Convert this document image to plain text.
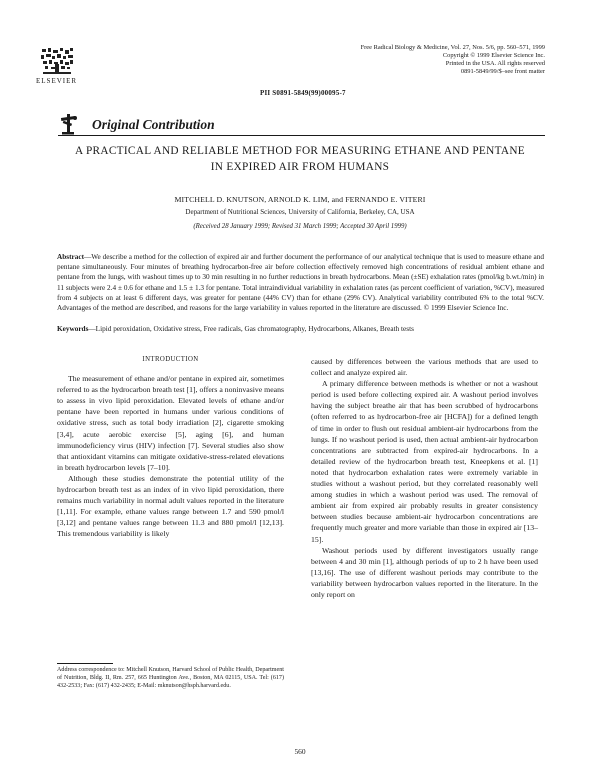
ELSEVIER
Free Radical Biology & Medicine, Vol. 27, Nos. 5/6, pp. 560–571, 1999
Copyright © 1999 Elsevier Science Inc.
Printed in the USA. All rights reserved
0891-5849/99/$–see front matter
PII S0891-5849(99)00095-7
Original Contribution
A PRACTICAL AND RELIABLE METHOD FOR MEASURING ETHANE AND PENTANE IN EXPIRED AIR FROM HUMANS
MITCHELL D. KNUTSON, ARNOLD K. LIM, and FERNANDO E. VITERI
Department of Nutritional Sciences, University of California, Berkeley, CA, USA
(Received 28 January 1999; Revised 31 March 1999; Accepted 30 April 1999)
Abstract—We describe a method for the collection of expired air and further document the performance of our analytical technique that is used to measure ethane and pentane simultaneously. Four minutes of breathing hydrocarbon-free air before collection effectively removed high concentrations of residual ambient ethane and pentane from the lungs, with washout times up to 30 min resulting in no further reductions in breath hydrocarbons. Mean (±SE) exhalation rates (pmol/kg b.wt./min) in 11 subjects were 2.4 ± 0.6 for ethane and 1.5 ± 1.3 for pentane. Total intraindividual variability in exhalation rates (as percent coefficient of variation, %CV), measured from 4 subjects on at least 6 different days, was greater for pentane (44% CV) than for ethane (29% CV). Analytical variability contributed 6% to the total %CV. Advantages of the method are described, and reasons for the large variability in values reported in the literature are discussed. © 1999 Elsevier Science Inc.
Keywords—Lipid peroxidation, Oxidative stress, Free radicals, Gas chromatography, Hydrocarbons, Alkanes, Breath tests
INTRODUCTION

The measurement of ethane and/or pentane in expired air, sometimes referred to as the hydrocarbon breath test [1], offers a noninvasive means to assess in vivo lipid peroxidation. Elevated levels of ethane and/or pentane have been reported in humans under various conditions of oxidative stress, such as total body irradiation [2], cigarette smoking [3,4], acute aerobic exercise [5], aging [6], and human immunodeficiency virus (HIV) infection [7]. Several studies also show that antioxidant vitamins can mitigate oxidative-stress-related elevations in breath hydrocarbon levels [7–10].

Although these studies demonstrate the potential utility of the hydrocarbon breath test as an index of in vivo lipid peroxidation, there remains much variability in normal adult values reported in the literature [1,11]. For example, ethane values range between 1.7 and 590 pmol/l [3,12] and pentane values range between 11.3 and 880 pmol/l [12,13]. This tremendous variability is likely

caused by differences between the various methods that are used to collect and analyze expired air.

A primary difference between methods is whether or not a washout period is used before collecting expired air. A washout period involves having the subject breathe air that has been scrubbed of hydrocarbons (often referred to as hydrocarbon-free air [HCFA]) for a defined length of time in order to flush out residual ambient-air hydrocarbons from the lungs. If no washout period is used, then actual ambient-air hydrocarbon concentrations are subtracted from expired-air hydrocarbons. In a detailed review of the hydrocarbon breath test, Kneepkens et al. [1] noted that hydrocarbon exhalation rates were extremely variable in studies without a washout period, but they correlated reasonably well among studies in which a washout period was used. The removal of ambient air from expired air probably results in greater consistency between studies because ambient-air hydrocarbon concentrations are frequently much greater and more variable than those in expired air [13–15].

Washout periods used by different investigators usually range between 4 and 30 min [1], although periods of up to 2 h have been used [13,16]. The use of different washout periods may contribute to the variability between hydrocarbon values reported in the literature. In the only report on

Address correspondence to: Mitchell Knutson, Harvard School of Public Health, Department of Nutrition, Bldg. II, Rm. 257, 665 Huntington Ave., Boston, MA 02115, USA. Tel: (617) 432-2533; Fax: (617) 432-2435; E-Mail: mknutson@hsph.harvard.edu.
560
